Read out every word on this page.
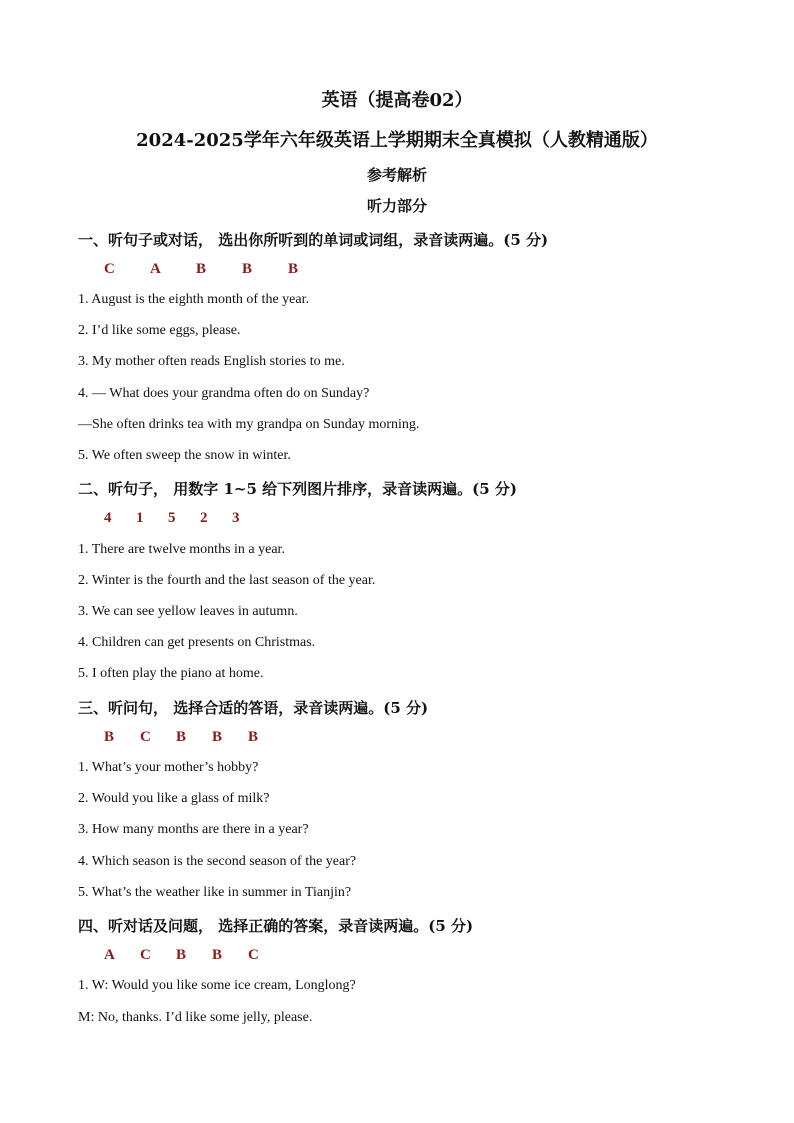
英语（提高卷02）
2024-2025学年六年级英语上学期期末全真模拟（人教精通版）
参考解析
听力部分
一、听句子或对话， 选出你所听到的单词或词组，录音读两遍。(5 分)
C A B B B
1. August is the eighth month of the year.
2. I’d like some eggs, please.
3. My mother often reads English stories to me.
4. — What does your grandma often do on Sunday?
—She often drinks tea with my grandpa on Sunday morning.
5. We often sweep the snow in winter.
二、听句子， 用数字 1~5 给下列图片排序，录音读两遍。(5 分)
4 1 5 2 3
1. There are twelve months in a year.
2. Winter is the fourth and the last season of the year.
3. We can see yellow leaves in autumn.
4. Children can get presents on Christmas.
5. I often play the piano at home.
三、听问句， 选择合适的答语，录音读两遍。(5 分)
B C B B B
1. What’s your mother’s hobby?
2. Would you like a glass of milk?
3. How many months are there in a year?
4. Which season is the second season of the year?
5. What’s the weather like in summer in Tianjin?
四、听对话及问题， 选择正确的答案，录音读两遍。(5 分)
A C B B C
1. W: Would you like some ice cream, Longlong?
M: No, thanks. I’d like some jelly, please.
